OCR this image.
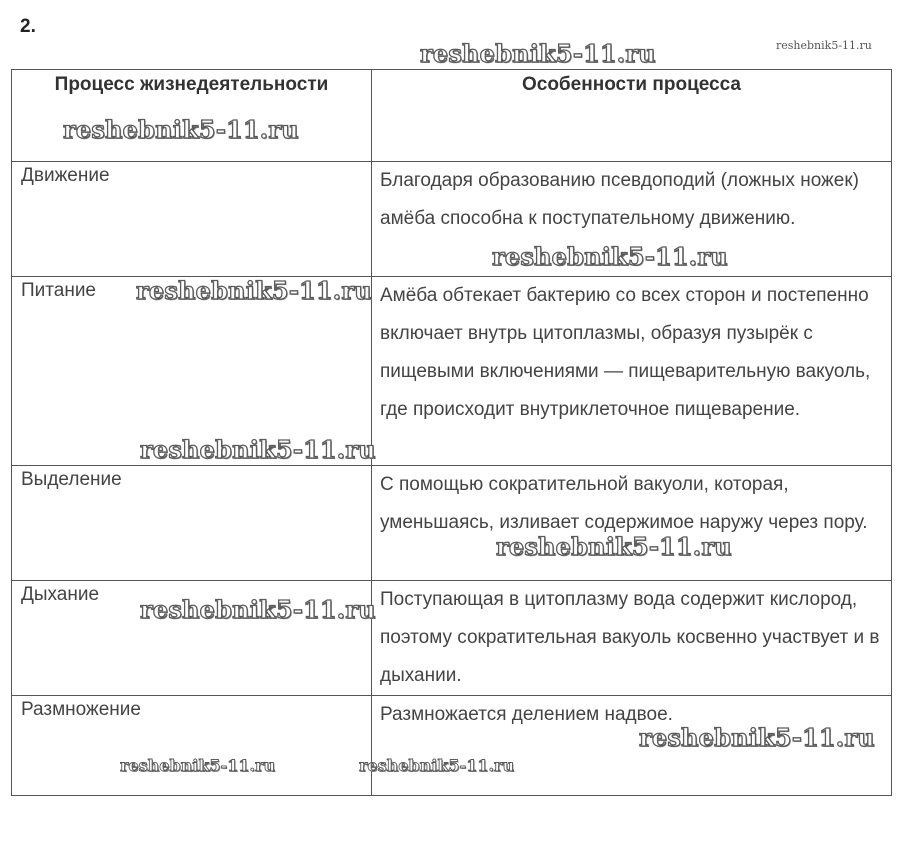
2.
Процесс жизнедеятельности	Особенности процесса

Движение	Благодаря образованию псевдоподий (ложных ножек) амёба способна к поступательному движению.

Питание	Амёба обтекает бактерию со всех сторон и постепенно включает внутрь цитоплазмы, образуя пузырёк с пищевыми включениями — пищеварительную вакуоль, где происходит внутриклеточное пищеварение.

Выделение	С помощью сократительной вакуоли, которая, уменьшаясь, изливает содержимое наружу через пору.

Дыхание	Поступающая в цитоплазму вода содержит кислород, поэтому сократительная вакуоль косвенно участвует и в дыхании.

Размножение	Размножается делением надвое.
reshebnik5-11.ru	reshebnik5-11.ru
reshebnik5-11.ru
reshebnik5-11.ru
reshebnik5-11.ru
reshebnik5-11.ru
reshebnik5-11.ru
reshebnik5-11.ru
reshebnik5-11.ru
reshebnik5-11.ru	reshebnik5-11.ru
